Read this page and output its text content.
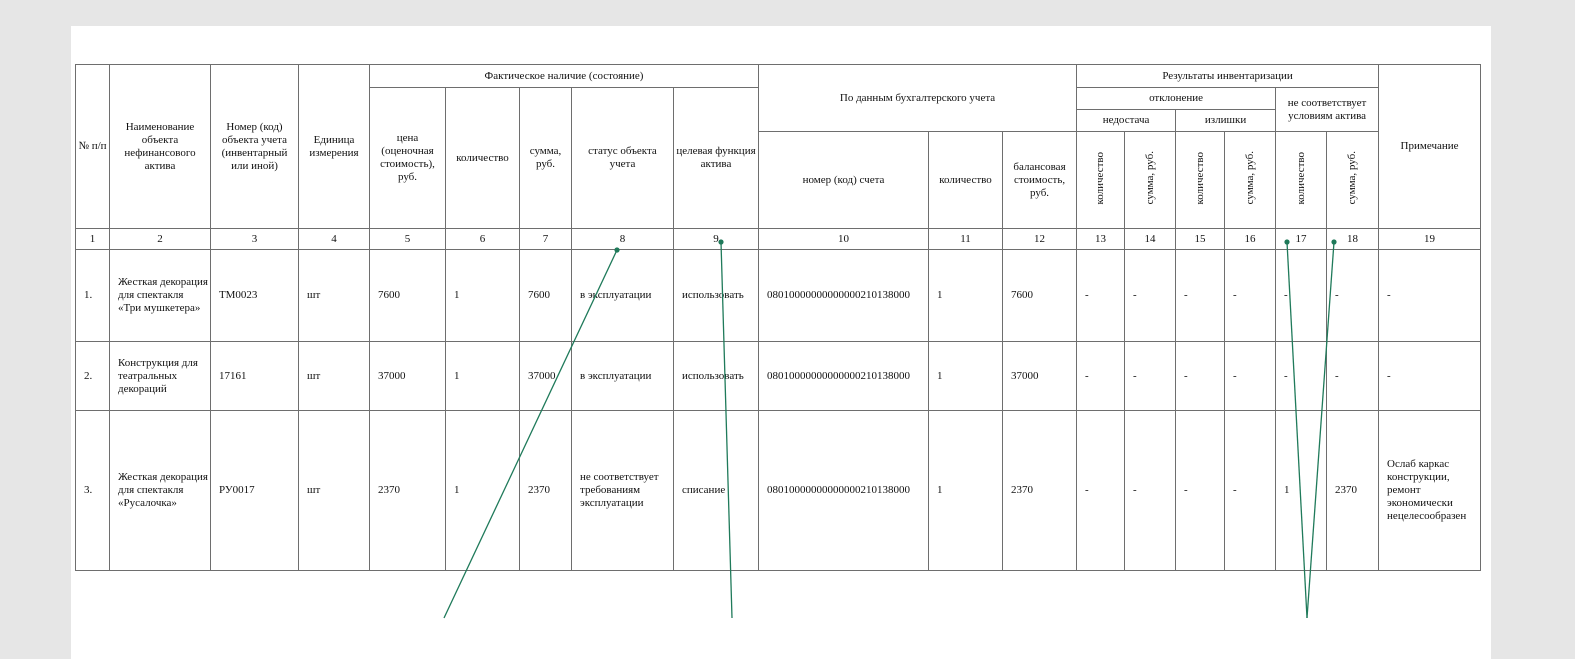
№ п/п	Наименование объекта нефинансового актива	Номер (код) объекта учета (инвентарный или иной)	Единица измерения	Фактическое наличие (состояние)					По данным бухгалтерского учета			Результаты инвентаризации						Примечание
				цена (оценочная стоимость), руб.	количество	сумма, руб.	статус объекта учета	целевая функция актива				отклонение				не соответствует условиям актива		
												недостача		излишки				
									номер (код) счета	количество	балансовая стоимость, руб.	количество	сумма, руб.	количество	сумма, руб.	количество	сумма, руб.	
1	2	3	4	5	6	7	8	9	10	11	12	13	14	15	16	17	18	19
1.	Жесткая декорация для спектакля «Три мушкетера»	ТМ0023	шт	7600	1	7600	в эксплуатации	использовать	08010000000000000210138000	1	7600	-	-	-	-	-	-	-
2.	Конструкция для театральных декораций	17161	шт	37000	1	37000	в эксплуатации	использовать	08010000000000000210138000	1	37000	-	-	-	-	-	-	-
3.	Жесткая декорация для спектакля «Русалочка»	РУ0017	шт	2370	1	2370	не соответствует требованиям эксплуатации	списание	08010000000000000210138000	1	2370	-	-	-	-	1	2370	Ослаб каркас конструкции, ремонт экономически нецелесообразен
